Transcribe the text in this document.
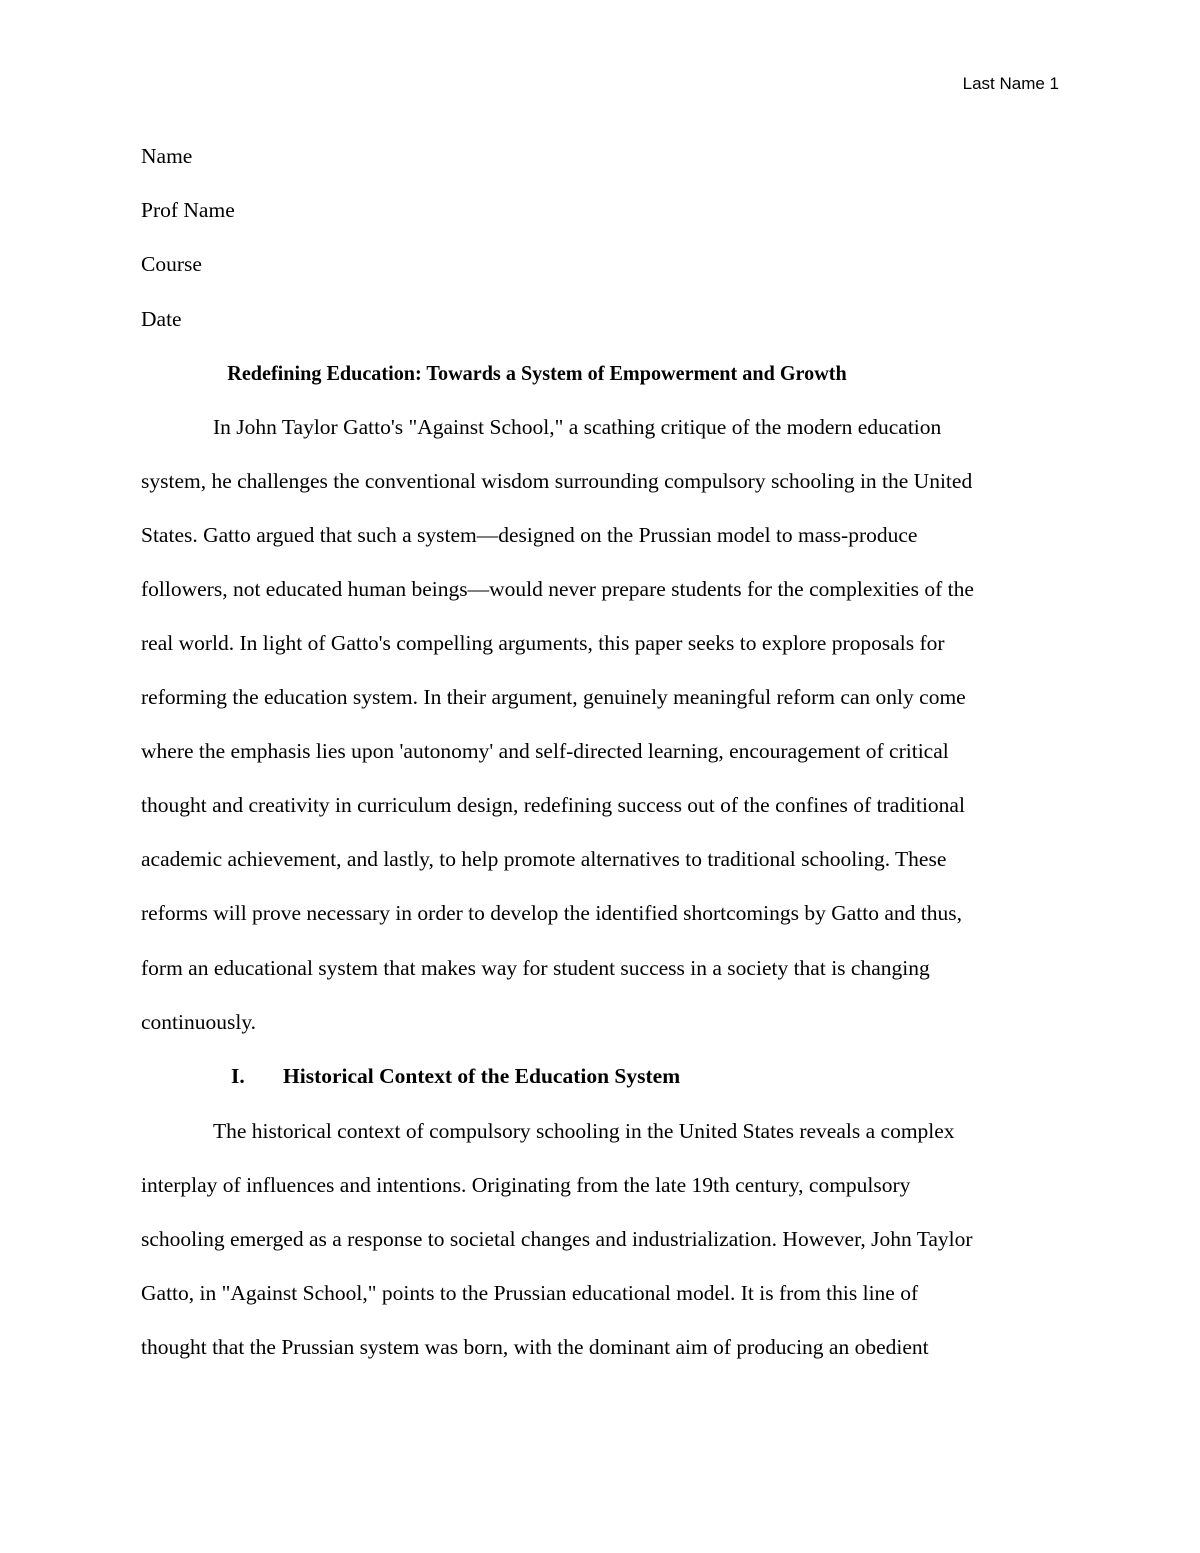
Last Name 1
Name
Prof Name
Course
Date
Redefining Education: Towards a System of Empowerment and Growth
In John Taylor Gatto's "Against School," a scathing critique of the modern education
system, he challenges the conventional wisdom surrounding compulsory schooling in the United
States. Gatto argued that such a system—designed on the Prussian model to mass-produce
followers, not educated human beings—would never prepare students for the complexities of the
real world. In light of Gatto's compelling arguments, this paper seeks to explore proposals for
reforming the education system. In their argument, genuinely meaningful reform can only come
where the emphasis lies upon 'autonomy' and self-directed learning, encouragement of critical
thought and creativity in curriculum design, redefining success out of the confines of traditional
academic achievement, and lastly, to help promote alternatives to traditional schooling. These
reforms will prove necessary in order to develop the identified shortcomings by Gatto and thus,
form an educational system that makes way for student success in a society that is changing
continuously.
I. Historical Context of the Education System
The historical context of compulsory schooling in the United States reveals a complex
interplay of influences and intentions. Originating from the late 19th century, compulsory
schooling emerged as a response to societal changes and industrialization. However, John Taylor
Gatto, in "Against School," points to the Prussian educational model. It is from this line of
thought that the Prussian system was born, with the dominant aim of producing an obedient
